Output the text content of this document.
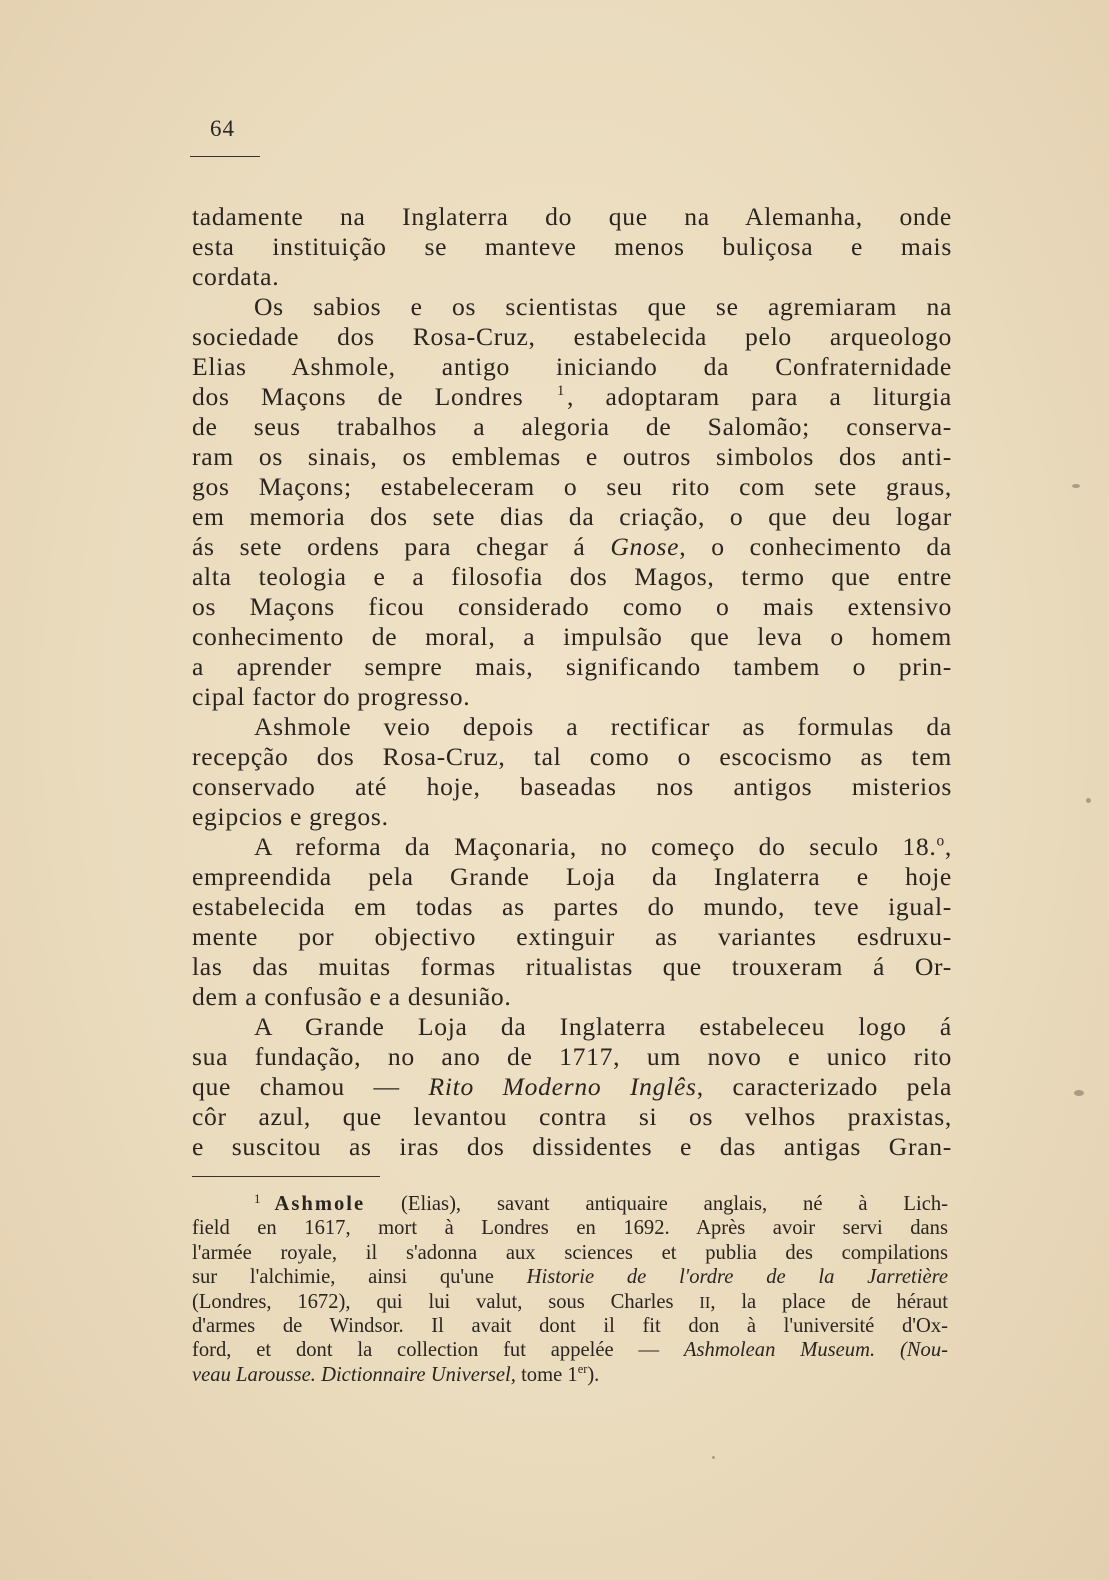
64
tadamente na Inglaterra do que na Alemanha, onde
esta instituição se manteve menos buliçosa e mais
cordata.
Os sabios e os scientistas que se agremiaram na
sociedade dos Rosa-Cruz, estabelecida pelo arqueologo
Elias Ashmole, antigo iniciando da Confraternidade
dos Maçons de Londres $^1$, adoptaram para a liturgia
de seus trabalhos a alegoria de Salomão; conserva-
ram os sinais, os emblemas e outros simbolos dos anti-
gos Maçons; estabeleceram o seu rito com sete graus,
em memoria dos sete dias da criação, o que deu logar
ás sete ordens para chegar á Gnose, o conhecimento da
alta teologia e a filosofia dos Magos, termo que entre
os Maçons ficou considerado como o mais extensivo
conhecimento de moral, a impulsão que leva o homem
a aprender sempre mais, significando tambem o prin-
cipal factor do progresso.
Ashmole veio depois a rectificar as formulas da
recepção dos Rosa-Cruz, tal como o escocismo as tem
conservado até hoje, baseadas nos antigos misterios
egipcios e gregos.
A reforma da Maçonaria, no começo do seculo 18.$^o$,
empreendida pela Grande Loja da Inglaterra e hoje
estabelecida em todas as partes do mundo, teve igual-
mente por objectivo extinguir as variantes esdruxu-
las das muitas formas ritualistas que trouxeram á Or-
dem a confusão e a desunião.
A Grande Loja da Inglaterra estabeleceu logo á
sua fundação, no ano de 1717, um novo e unico rito
que chamou — Rito Moderno Inglês, caracterizado pela
côr azul, que levantou contra si os velhos praxistas,
e suscitou as iras dos dissidentes e das antigas Gran-
$^1$ Ashmole (Elias), savant antiquaire anglais, né à Lich-
field en 1617, mort à Londres en 1692. Après avoir servi dans
l'armée royale, il s'adonna aux sciences et publia des compilations
sur l'alchimie, ainsi qu'une Historie de l'ordre de la Jarretière
(Londres, 1672), qui lui valut, sous Charles II, la place de héraut
d'armes de Windsor. Il avait dont il fit don à l'université d'Ox-
ford, et dont la collection fut appelée — Ashmolean Museum. (Nou-
veau Larousse. Dictionnaire Universel, tome 1er).
